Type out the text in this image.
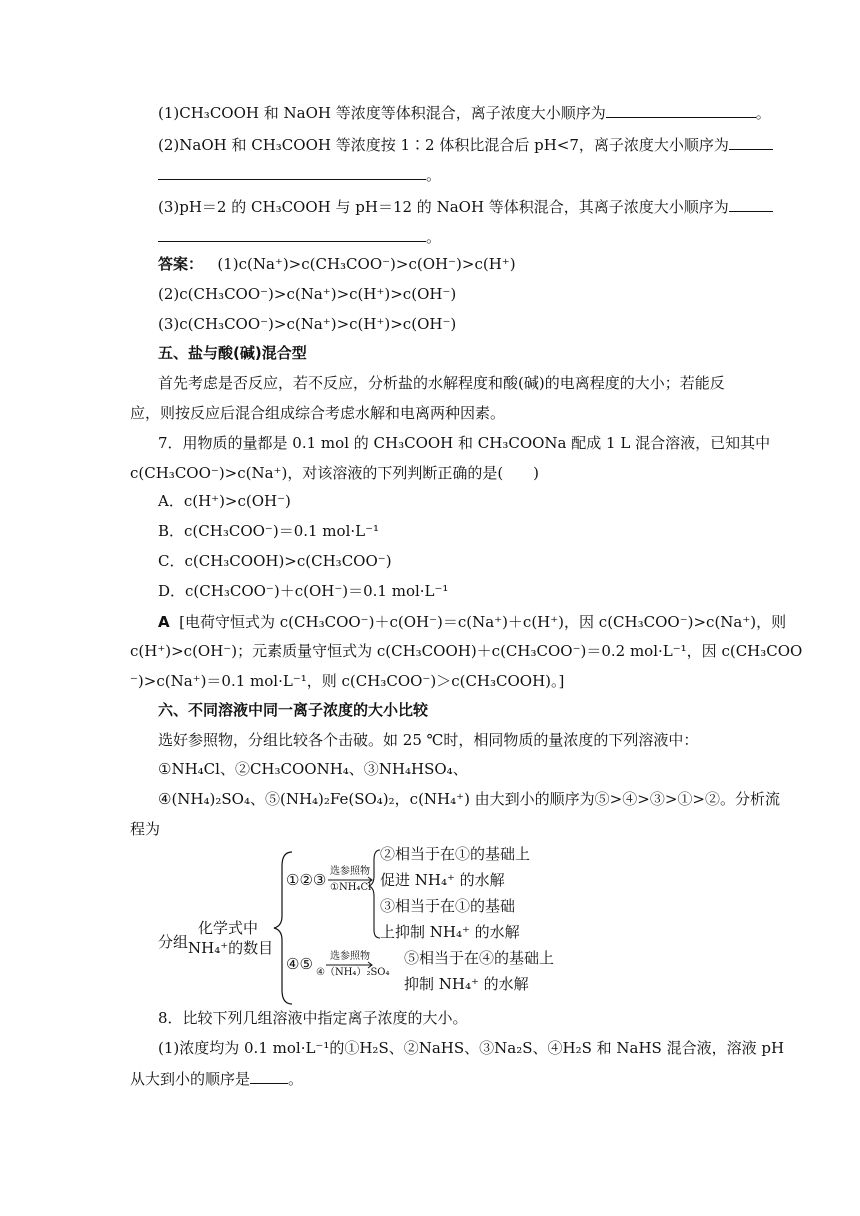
(1)CH₃COOH 和 NaOH 等浓度等体积混合，离子浓度大小顺序为	。
(2)NaOH 和 CH₃COOH 等浓度按 1∶2 体积比混合后 pH<7，离子浓度大小顺序为
。
(3)pH＝2 的 CH₃COOH 与 pH＝12 的 NaOH 等体积混合，其离子浓度大小顺序为
。
答案： (1)c(Na⁺)>c(CH₃COO⁻)>c(OH⁻)>c(H⁺)
(2)c(CH₃COO⁻)>c(Na⁺)>c(H⁺)>c(OH⁻)
(3)c(CH₃COO⁻)>c(Na⁺)>c(H⁺)>c(OH⁻)
五、盐与酸(碱)混合型
首先考虑是否反应，若不反应，分析盐的水解程度和酸(碱)的电离程度的大小；若能反
应，则按反应后混合组成综合考虑水解和电离两种因素。
7．用物质的量都是 0.1 mol 的 CH₃COOH 和 CH₃COONa 配成 1 L 混合溶液，已知其中
c(CH₃COO⁻)>c(Na⁺)，对该溶液的下列判断正确的是(　　)
A．c(H⁺)>c(OH⁻)
B．c(CH₃COO⁻)＝0.1 mol·L⁻¹
C．c(CH₃COOH)>c(CH₃COO⁻)
D．c(CH₃COO⁻)＋c(OH⁻)＝0.1 mol·L⁻¹
A [电荷守恒式为 c(CH₃COO⁻)＋c(OH⁻)＝c(Na⁺)＋c(H⁺)，因 c(CH₃COO⁻)>c(Na⁺)，则
c(H⁺)>c(OH⁻)；元素质量守恒式为 c(CH₃COOH)＋c(CH₃COO⁻)＝0.2 mol·L⁻¹，因 c(CH₃COO
⁻)>c(Na⁺)＝0.1 mol·L⁻¹，则 c(CH₃COO⁻)＞c(CH₃COOH)。]
六、不同溶液中同一离子浓度的大小比较
选好参照物，分组比较各个击破。如 25 ℃时，相同物质的量浓度的下列溶液中：
①NH₄Cl、②CH₃COONH₄、③NH₄HSO₄、
④(NH₄)₂SO₄、⑤(NH₄)₂Fe(SO₄)₂，c(NH₄⁺) 由大到小的顺序为⑤>④>③>①>②。分析流
程为
分组
化学式中
NH₄⁺的数目
①②③ 选参照物
①NH₄Cl
②相当于在①的基础上
促进 NH₄⁺ 的水解
③相当于在①的基础
上抑制 NH₄⁺ 的水解
④⑤ 选参照物
④（NH₄）₂SO₄
⑤相当于在④的基础上
抑制 NH₄⁺ 的水解
8．比较下列几组溶液中指定离子浓度的大小。
(1)浓度均为 0.1 mol·L⁻¹的①H₂S、②NaHS、③Na₂S、④H₂S 和 NaHS 混合液，溶液 pH
从大到小的顺序是	。
